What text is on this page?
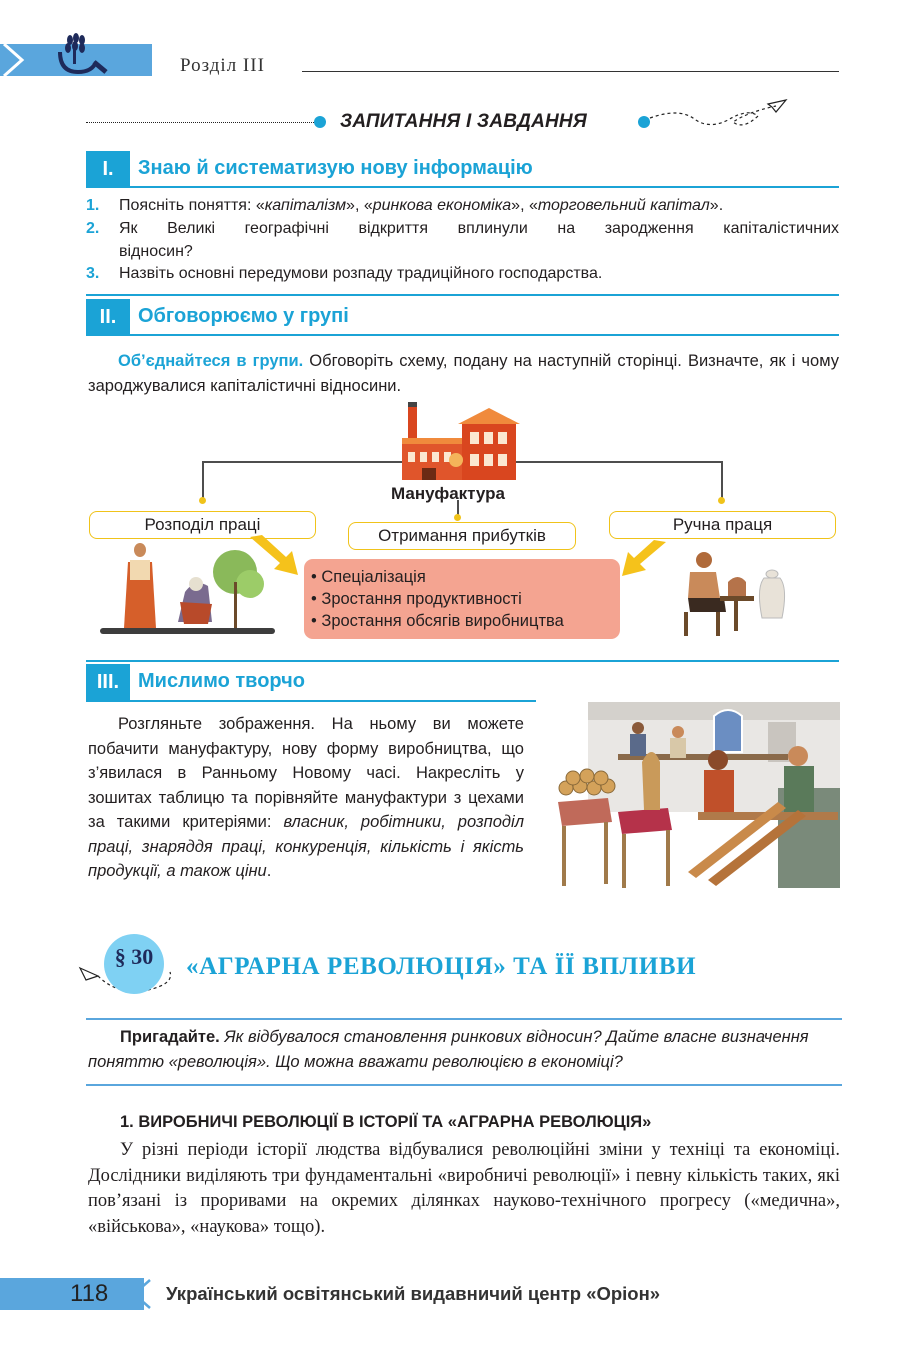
Розділ III
ЗАПИТАННЯ І ЗАВДАННЯ
I.	Знаю й систематизую нову інформацію
1. Поясніть поняття: «капіталізм», «ринкова економіка», «торговельний капітал».
2. Як Великі географічні відкриття вплинули на зародження капіталістичних
відносин?
3. Назвіть основні передумови розпаду традиційного господарства.
II.	Обговорюємо у групі
Об’єднайтеся в групи. Обговоріть схему, подану на наступній сторінці. Визначте, як і чому зароджувалися капіталістичні відносини.
Мануфактура
Розподіл праці
Отримання прибутків
Ручна праця
• Спеціалізація
• Зростання продуктивності
• Зростання обсягів виробництва
III. Мислимо творчо
Розгляньте зображення. На ньому ви можете побачити мануфактуру, нову форму виробництва, що з’явилася в Ранньому Новому часі. Накресліть у зошитах таблицю та порівняйте мануфактури з цехами за такими критеріями: власник, робітники, розподіл праці, знаряддя праці, конкуренція, кількість і якість продукції, а також ціни.
§ 30	«АГРАРНА РЕВОЛЮЦІЯ» ТА ЇЇ ВПЛИВИ
Пригадайте. Як відбувалося становлення ринкових відносин? Дайте власне визначення поняттю «революція». Що можна вважати революцією в економіці?
1. ВИРОБНИЧІ РЕВОЛЮЦІЇ В ІСТОРІЇ ТА «АГРАРНА РЕВОЛЮЦІЯ»
У різні періоди історії людства відбувалися революційні зміни у техніці та економіці. Дослідники виділяють три фундаментальні «виробничі революції» і певну кількість таких, які пов’язані із проривами на окремих ділянках науково-технічного прогресу («медична», «військова», «наукова» тощо).
118	Український освітянський видавничий центр «Оріон»
